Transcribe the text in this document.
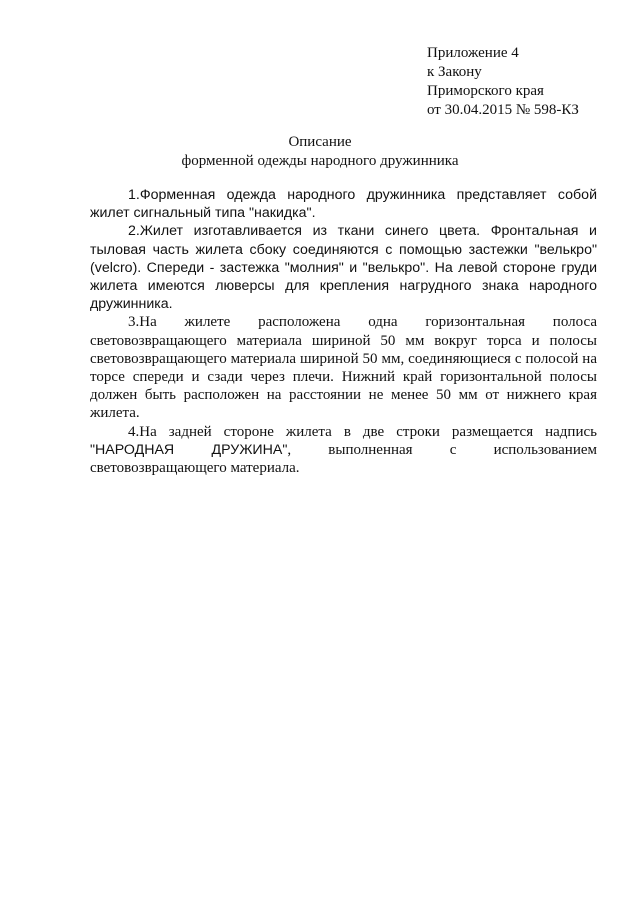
Приложение 4
к Закону
Приморского края
от 30.04.2015 № 598-КЗ
Описание
форменной одежды народного дружинника

1.Форменная одежда народного дружинника представляет собой жилет сигнальный типа "накидка".

2.Жилет изготавливается из ткани синего цвета. Фронтальная и тыловая часть жилета сбоку соединяются с помощью застежки "велькро" (velcro). Спереди - застежка "молния" и "велькро". На левой стороне груди жилета имеются люверсы для крепления нагрудного знака народного дружинника.

3.На жилете расположена одна горизонтальная полоса световозвращающего материала шириной 50 мм вокруг торса и полосы световозвращающего материала шириной 50 мм, соединяющиеся с полосой на торсе спереди и сзади через плечи. Нижний край горизонтальной полосы должен быть расположен на расстоянии не менее 50 мм от нижнего края жилета.

4.На задней стороне жилета в две строки размещается надпись "НАРОДНАЯ ДРУЖИНА", выполненная с использованием световозвращающего материала.
